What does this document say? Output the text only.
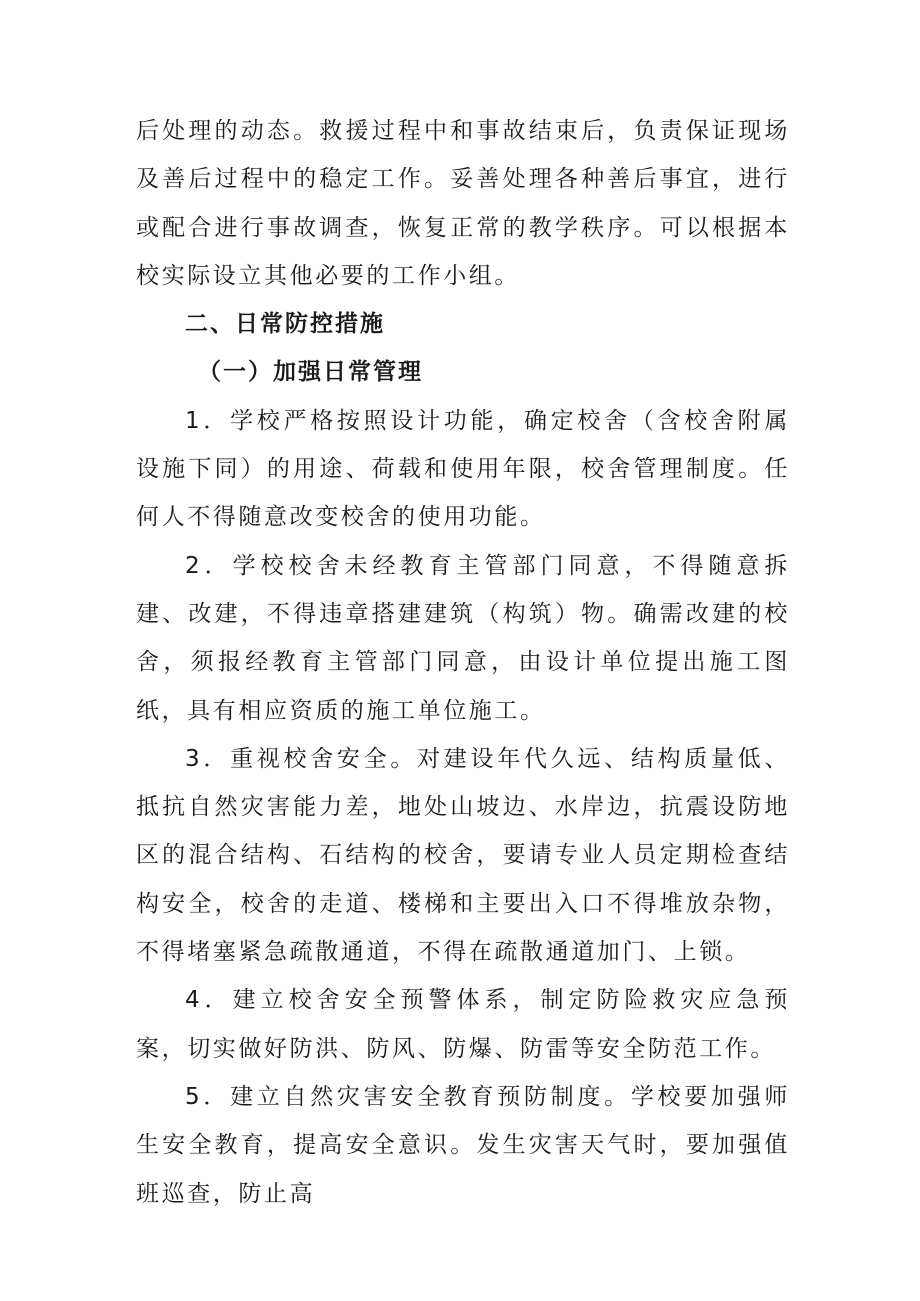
后处理的动态。救援过程中和事故结束后，负责保证现场及善后过程中的稳定工作。妥善处理各种善后事宜，进行或配合进行事故调查，恢复正常的教学秩序。可以根据本校实际设立其他必要的工作小组。

二、日常防控措施

（一）加强日常管理

1．学校严格按照设计功能，确定校舍（含校舍附属设施下同）的用途、荷载和使用年限，校舍管理制度。任何人不得随意改变校舍的使用功能。

2．学校校舍未经教育主管部门同意，不得随意拆建、改建，不得违章搭建建筑（构筑）物。确需改建的校舍，须报经教育主管部门同意，由设计单位提出施工图纸，具有相应资质的施工单位施工。

3．重视校舍安全。对建设年代久远、结构质量低、抵抗自然灾害能力差，地处山坡边、水岸边，抗震设防地区的混合结构、石结构的校舍，要请专业人员定期检查结构安全，校舍的走道、楼梯和主要出入口不得堆放杂物，不得堵塞紧急疏散通道，不得在疏散通道加门、上锁。

4．建立校舍安全预警体系，制定防险救灾应急预案，切实做好防洪、防风、防爆、防雷等安全防范工作。

5．建立自然灾害安全教育预防制度。学校要加强师生安全教育，提高安全意识。发生灾害天气时，要加强值班巡查，防止高
